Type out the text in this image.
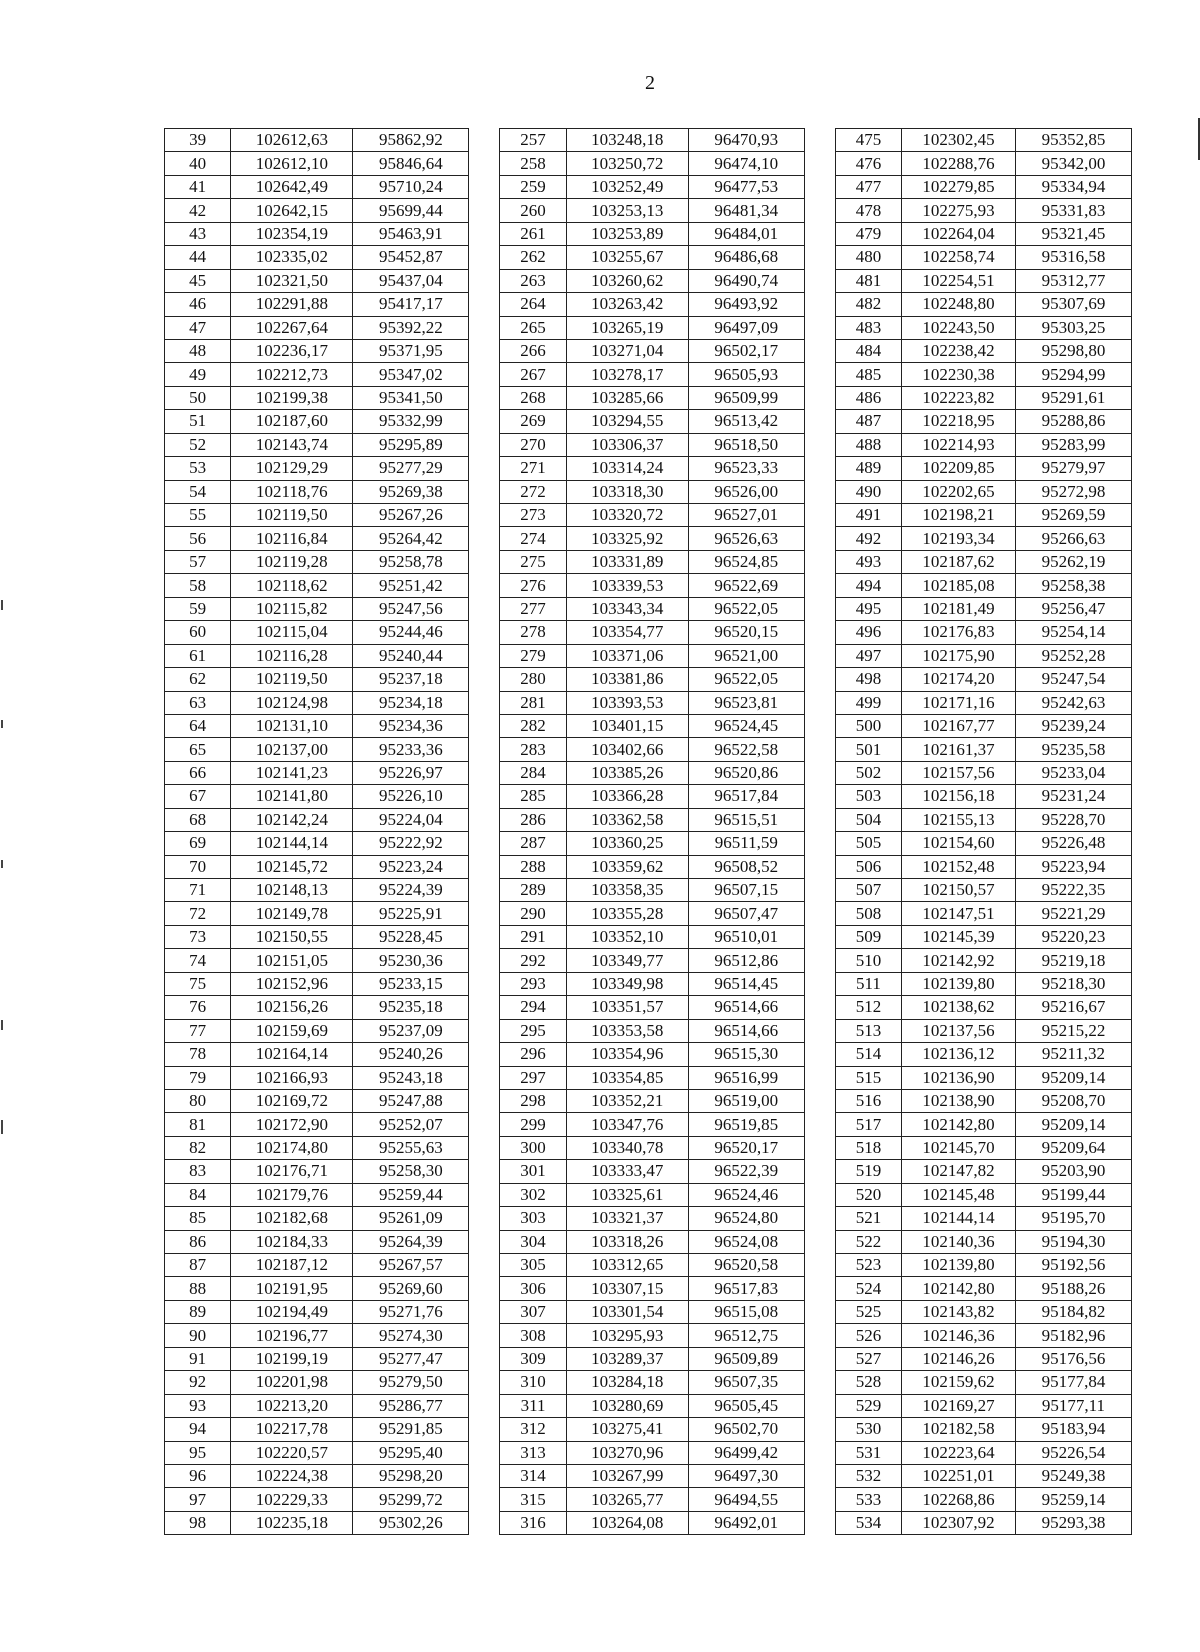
2
39	102612,63	95862,92		257	103248,18	96470,93		475	102302,45	95352,85
40	102612,10	95846,64		258	103250,72	96474,10		476	102288,76	95342,00
41	102642,49	95710,24		259	103252,49	96477,53		477	102279,85	95334,94
42	102642,15	95699,44		260	103253,13	96481,34		478	102275,93	95331,83
43	102354,19	95463,91		261	103253,89	96484,01		479	102264,04	95321,45
44	102335,02	95452,87		262	103255,67	96486,68		480	102258,74	95316,58
45	102321,50	95437,04		263	103260,62	96490,74		481	102254,51	95312,77
46	102291,88	95417,17		264	103263,42	96493,92		482	102248,80	95307,69
47	102267,64	95392,22		265	103265,19	96497,09		483	102243,50	95303,25
48	102236,17	95371,95		266	103271,04	96502,17		484	102238,42	95298,80
49	102212,73	95347,02		267	103278,17	96505,93		485	102230,38	95294,99
50	102199,38	95341,50		268	103285,66	96509,99		486	102223,82	95291,61
51	102187,60	95332,99		269	103294,55	96513,42		487	102218,95	95288,86
52	102143,74	95295,89		270	103306,37	96518,50		488	102214,93	95283,99
53	102129,29	95277,29		271	103314,24	96523,33		489	102209,85	95279,97
54	102118,76	95269,38		272	103318,30	96526,00		490	102202,65	95272,98
55	102119,50	95267,26		273	103320,72	96527,01		491	102198,21	95269,59
56	102116,84	95264,42		274	103325,92	96526,63		492	102193,34	95266,63
57	102119,28	95258,78		275	103331,89	96524,85		493	102187,62	95262,19
58	102118,62	95251,42		276	103339,53	96522,69		494	102185,08	95258,38
59	102115,82	95247,56		277	103343,34	96522,05		495	102181,49	95256,47
60	102115,04	95244,46		278	103354,77	96520,15		496	102176,83	95254,14
61	102116,28	95240,44		279	103371,06	96521,00		497	102175,90	95252,28
62	102119,50	95237,18		280	103381,86	96522,05		498	102174,20	95247,54
63	102124,98	95234,18		281	103393,53	96523,81		499	102171,16	95242,63
64	102131,10	95234,36		282	103401,15	96524,45		500	102167,77	95239,24
65	102137,00	95233,36		283	103402,66	96522,58		501	102161,37	95235,58
66	102141,23	95226,97		284	103385,26	96520,86		502	102157,56	95233,04
67	102141,80	95226,10		285	103366,28	96517,84		503	102156,18	95231,24
68	102142,24	95224,04		286	103362,58	96515,51		504	102155,13	95228,70
69	102144,14	95222,92		287	103360,25	96511,59		505	102154,60	95226,48
70	102145,72	95223,24		288	103359,62	96508,52		506	102152,48	95223,94
71	102148,13	95224,39		289	103358,35	96507,15		507	102150,57	95222,35
72	102149,78	95225,91		290	103355,28	96507,47		508	102147,51	95221,29
73	102150,55	95228,45		291	103352,10	96510,01		509	102145,39	95220,23
74	102151,05	95230,36		292	103349,77	96512,86		510	102142,92	95219,18
75	102152,96	95233,15		293	103349,98	96514,45		511	102139,80	95218,30
76	102156,26	95235,18		294	103351,57	96514,66		512	102138,62	95216,67
77	102159,69	95237,09		295	103353,58	96514,66		513	102137,56	95215,22
78	102164,14	95240,26		296	103354,96	96515,30		514	102136,12	95211,32
79	102166,93	95243,18		297	103354,85	96516,99		515	102136,90	95209,14
80	102169,72	95247,88		298	103352,21	96519,00		516	102138,90	95208,70
81	102172,90	95252,07		299	103347,76	96519,85		517	102142,80	95209,14
82	102174,80	95255,63		300	103340,78	96520,17		518	102145,70	95209,64
83	102176,71	95258,30		301	103333,47	96522,39		519	102147,82	95203,90
84	102179,76	95259,44		302	103325,61	96524,46		520	102145,48	95199,44
85	102182,68	95261,09		303	103321,37	96524,80		521	102144,14	95195,70
86	102184,33	95264,39		304	103318,26	96524,08		522	102140,36	95194,30
87	102187,12	95267,57		305	103312,65	96520,58		523	102139,80	95192,56
88	102191,95	95269,60		306	103307,15	96517,83		524	102142,80	95188,26
89	102194,49	95271,76		307	103301,54	96515,08		525	102143,82	95184,82
90	102196,77	95274,30		308	103295,93	96512,75		526	102146,36	95182,96
91	102199,19	95277,47		309	103289,37	96509,89		527	102146,26	95176,56
92	102201,98	95279,50		310	103284,18	96507,35		528	102159,62	95177,84
93	102213,20	95286,77		311	103280,69	96505,45		529	102169,27	95177,11
94	102217,78	95291,85		312	103275,41	96502,70		530	102182,58	95183,94
95	102220,57	95295,40		313	103270,96	96499,42		531	102223,64	95226,54
96	102224,38	95298,20		314	103267,99	96497,30		532	102251,01	95249,38
97	102229,33	95299,72		315	103265,77	96494,55		533	102268,86	95259,14
98	102235,18	95302,26		316	103264,08	96492,01		534	102307,92	95293,38
